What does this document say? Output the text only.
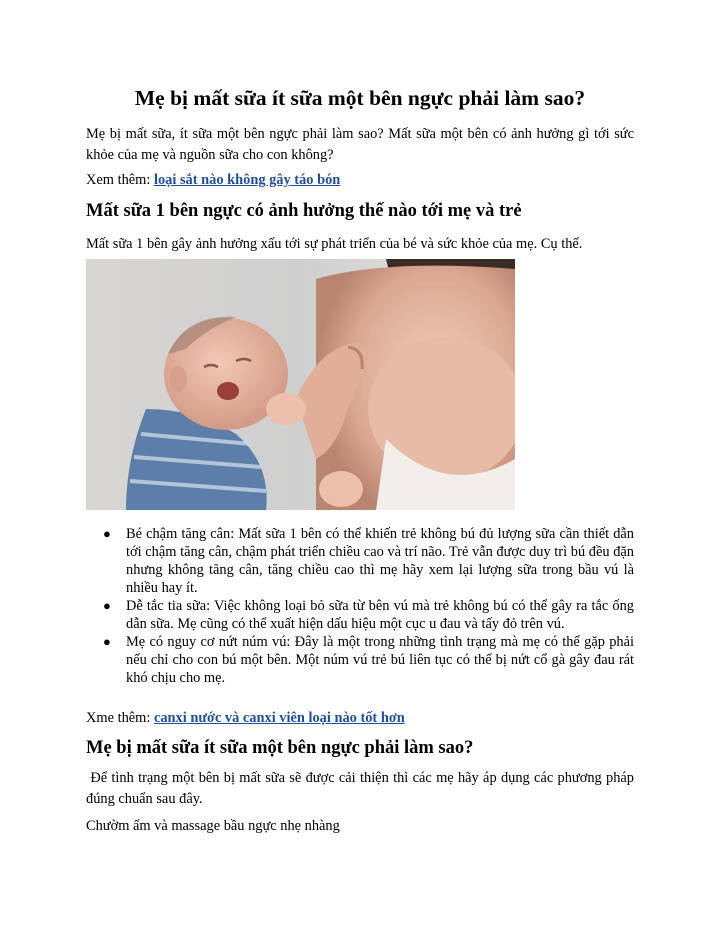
Mẹ bị mất sữa ít sữa một bên ngực phải làm sao?

Mẹ bị mất sữa, ít sữa một bên ngực phải làm sao? Mất sữa một bên có ảnh hưởng gì tới sức khỏe của mẹ và nguồn sữa cho con không?

Xem thêm: loại sắt nào không gây táo bón

Mất sữa 1 bên ngực có ảnh hưởng thế nào tới mẹ và trẻ

Mất sữa 1 bên gây ảnh hưởng xấu tới sự phát triển của bé và sức khỏe của mẹ. Cụ thể.

● Bé chậm tăng cân: Mất sữa 1 bên có thể khiến trẻ không bú đủ lượng sữa cần thiết dẫn tới chậm tăng cân, chậm phát triển chiều cao và trí não. Trẻ vẫn được duy trì bú đều đặn nhưng không tăng cân, tăng chiều cao thì mẹ hãy xem lại lượng sữa trong bầu vú là nhiều hay ít.
● Dễ tắc tia sữa: Việc không loại bỏ sữa từ bên vú mà trẻ không bú có thể gây ra tắc ống dẫn sữa. Mẹ cũng có thể xuất hiện dấu hiệu một cục u đau và tấy đỏ trên vú.
● Mẹ có nguy cơ nứt núm vú: Đây là một trong những tình trạng mà mẹ có thể gặp phải nếu chỉ cho con bú một bên. Một núm vú trẻ bú liên tục có thể bị nứt cổ gà gây đau rát khó chịu cho mẹ.

Xme thêm: canxi nước và canxi viên loại nào tốt hơn

Mẹ bị mất sữa ít sữa một bên ngực phải làm sao?

Để tình trạng một bên bị mất sữa sẽ được cải thiện thì các mẹ hãy áp dụng các phương pháp đúng chuẩn sau đây.

Chườm ấm và massage bầu ngực nhẹ nhàng
